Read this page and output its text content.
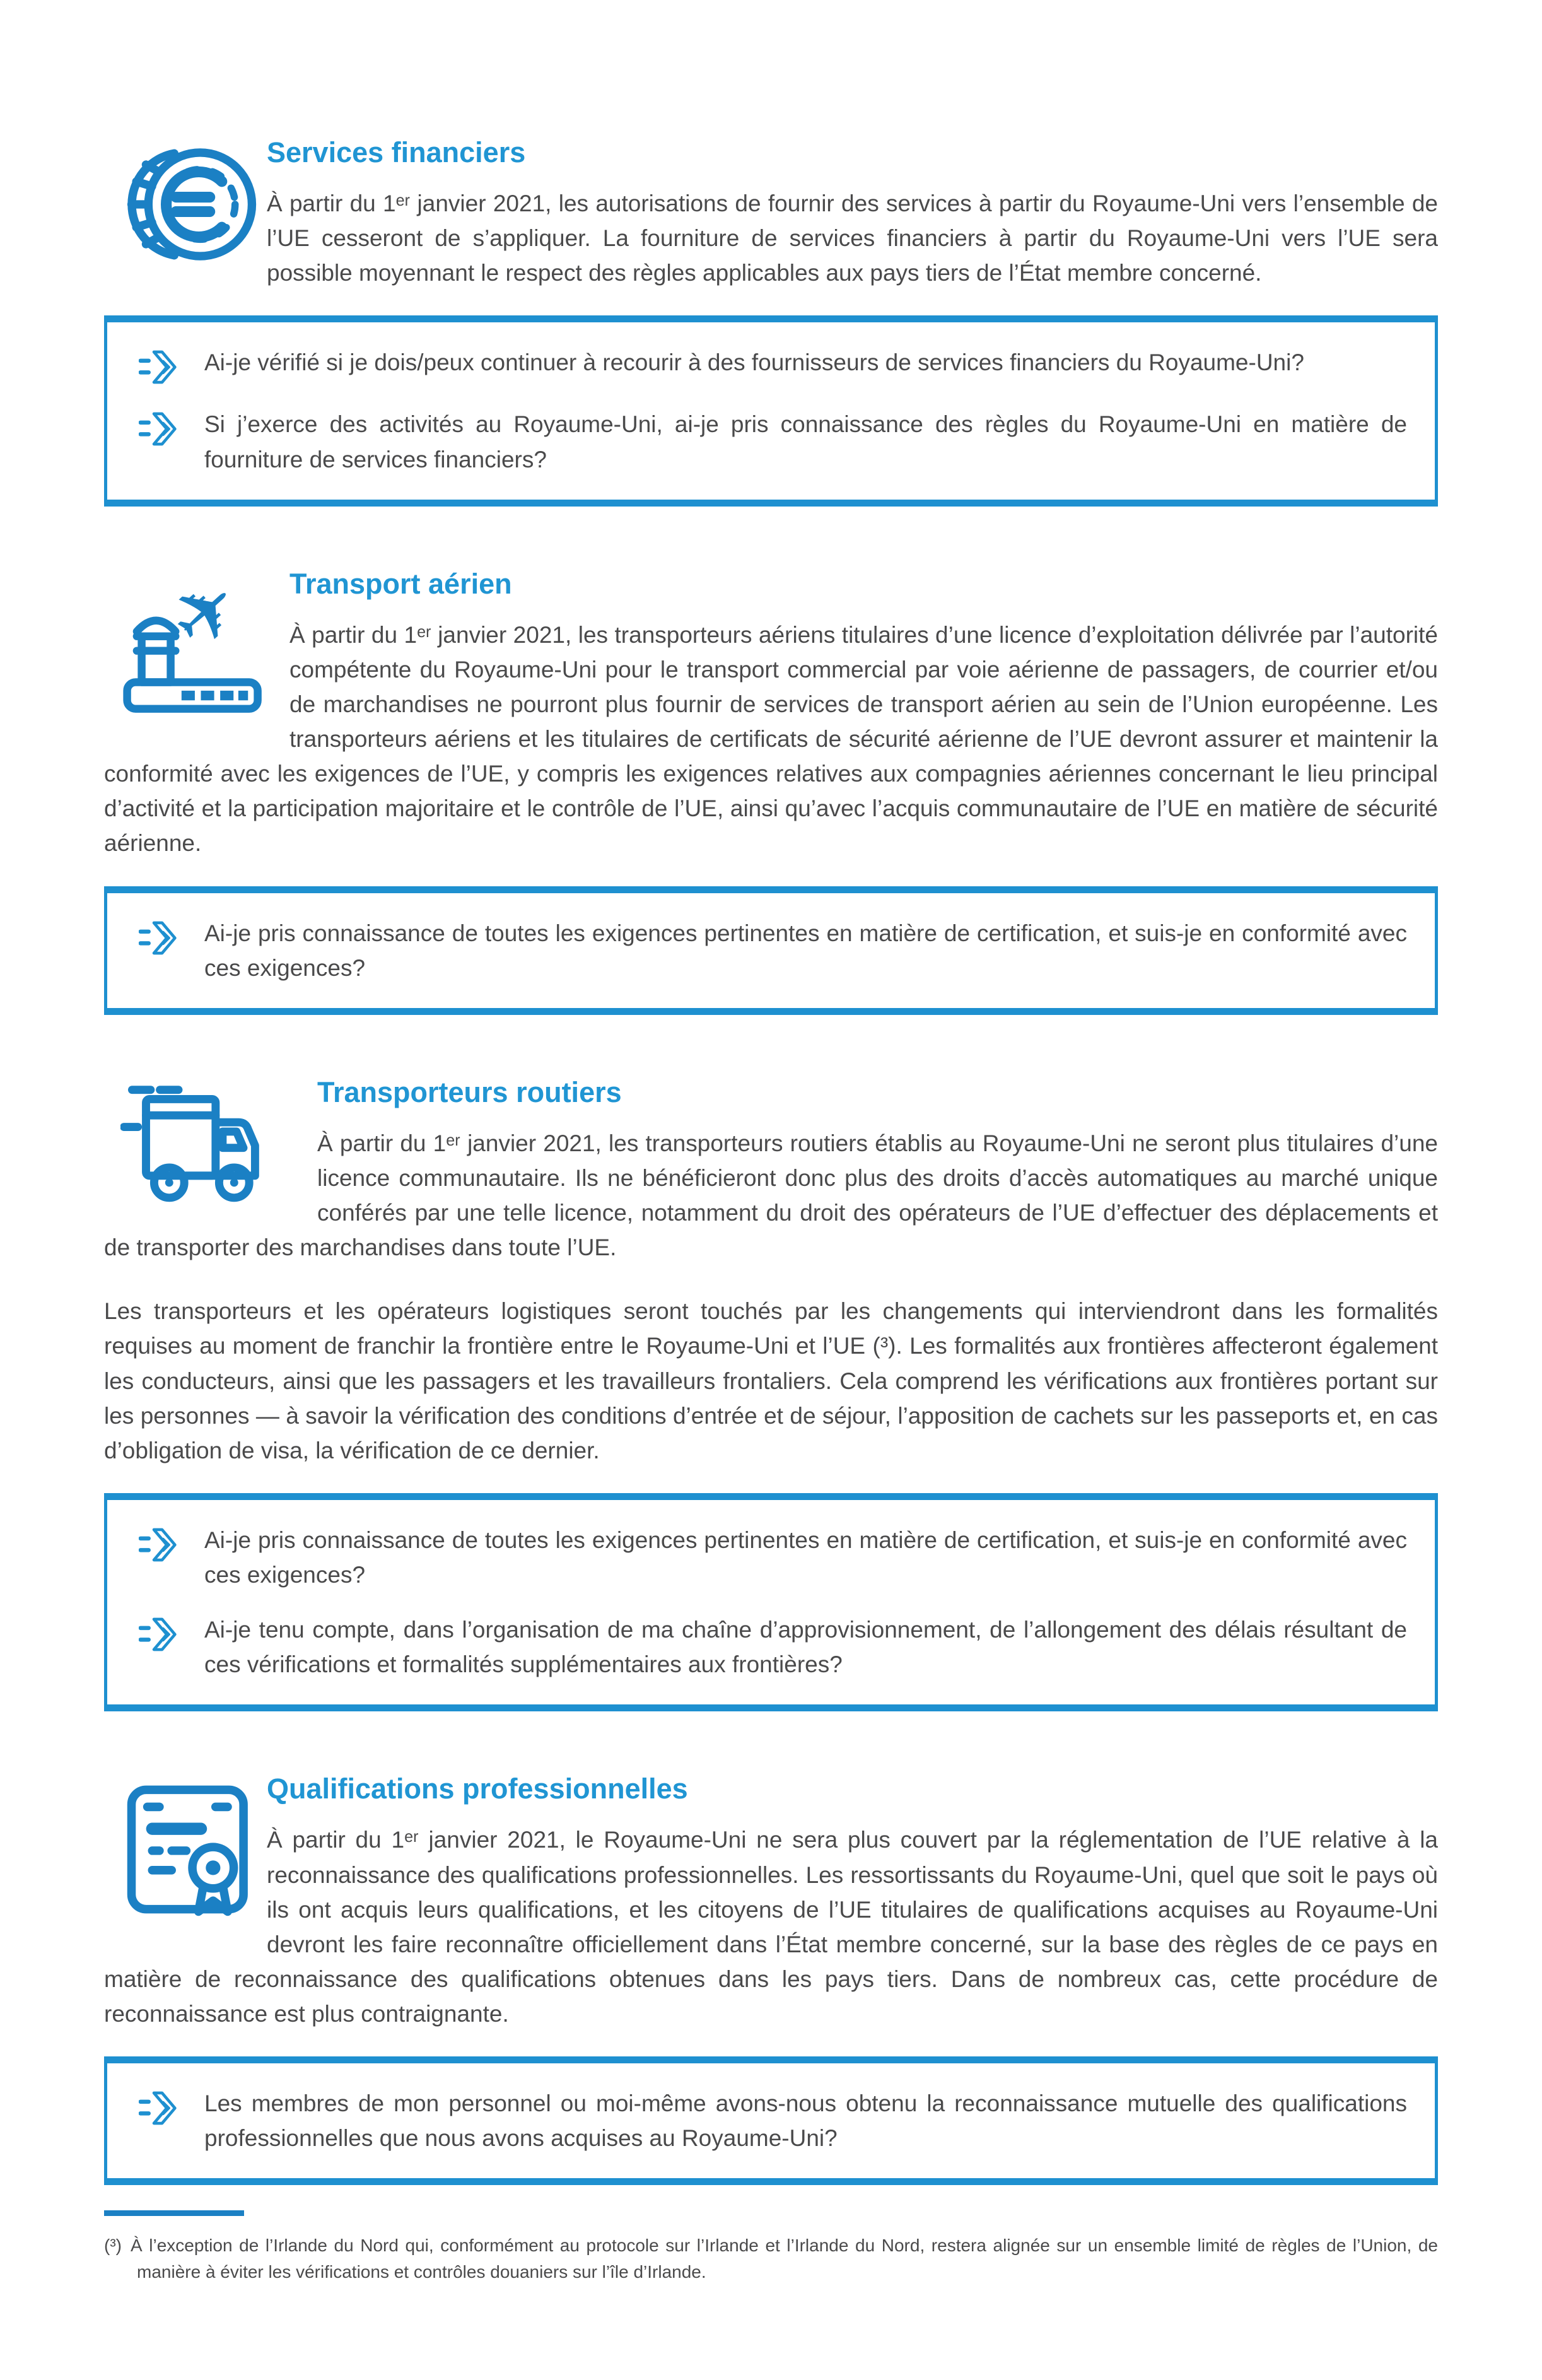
Services financiers

À partir du 1ᵉʳ janvier 2021, les autorisations de fournir des services à partir du Royaume-Uni vers l’ensemble de l’UE cesseront de s’appliquer. La fourniture de services financiers à partir du Royaume-Uni vers l’UE sera possible moyennant le respect des règles applicables aux pays tiers de l’État membre concerné.

Ai-je vérifié si je dois/peux continuer à recourir à des fournisseurs de services financiers du Royaume-Uni?
Si j’exerce des activités au Royaume-Uni, ai-je pris connaissance des règles du Royaume-Uni en matière de fourniture de services financiers?
Transport aérien

À partir du 1ᵉʳ janvier 2021, les transporteurs aériens titulaires d’une licence d’exploitation délivrée par l’autorité compétente du Royaume-Uni pour le transport commercial par voie aérienne de passagers, de courrier et/ou de marchandises ne pourront plus fournir de services de transport aérien au sein de l’Union européenne. Les transporteurs aériens et les titulaires de certificats de sécurité aérienne de l’UE devront assurer et maintenir la conformité avec les exigences de l’UE, y compris les exigences relatives aux compagnies aériennes concernant le lieu principal d’activité et la participation majoritaire et le contrôle de l’UE, ainsi qu’avec l’acquis communautaire de l’UE en matière de sécurité aérienne.

Ai-je pris connaissance de toutes les exigences pertinentes en matière de certification, et suis-je en conformité avec ces exigences?
Transporteurs routiers

À partir du 1ᵉʳ janvier 2021, les transporteurs routiers établis au Royaume-Uni ne seront plus titulaires d’une licence communautaire. Ils ne bénéficieront donc plus des droits d’accès automatiques au marché unique conférés par une telle licence, notamment du droit des opérateurs de l’UE d’effectuer des déplacements et de transporter des marchandises dans toute l’UE.

Les transporteurs et les opérateurs logistiques seront touchés par les changements qui interviendront dans les formalités requises au moment de franchir la frontière entre le Royaume-Uni et l’UE (³). Les formalités aux frontières affecteront également les conducteurs, ainsi que les passagers et les travailleurs frontaliers. Cela comprend les vérifications aux frontières portant sur les personnes — à savoir la vérification des conditions d’entrée et de séjour, l’apposition de cachets sur les passeports et, en cas d’obligation de visa, la vérification de ce dernier.

Ai-je pris connaissance de toutes les exigences pertinentes en matière de certification, et suis-je en conformité avec ces exigences?
Ai-je tenu compte, dans l’organisation de ma chaîne d’approvisionnement, de l’allongement des délais résultant de ces vérifications et formalités supplémentaires aux frontières?
Qualifications professionnelles

À partir du 1ᵉʳ janvier 2021, le Royaume-Uni ne sera plus couvert par la réglementation de l’UE relative à la reconnaissance des qualifications professionnelles. Les ressortissants du Royaume-Uni, quel que soit le pays où ils ont acquis leurs qualifications, et les citoyens de l’UE titulaires de qualifications acquises au Royaume-Uni devront les faire reconnaître officiellement dans l’État membre concerné, sur la base des règles de ce pays en matière de reconnaissance des qualifications obtenues dans les pays tiers. Dans de nombreux cas, cette procédure de reconnaissance est plus contraignante.

Les membres de mon personnel ou moi-même avons-nous obtenu la reconnaissance mutuelle des qualifications professionnelles que nous avons acquises au Royaume-Uni?

(³) À l’exception de l’Irlande du Nord qui, conformément au protocole sur l’Irlande et l’Irlande du Nord, restera alignée sur un ensemble limité de règles de l’Union, de manière à éviter les vérifications et contrôles douaniers sur l’île d’Irlande.
